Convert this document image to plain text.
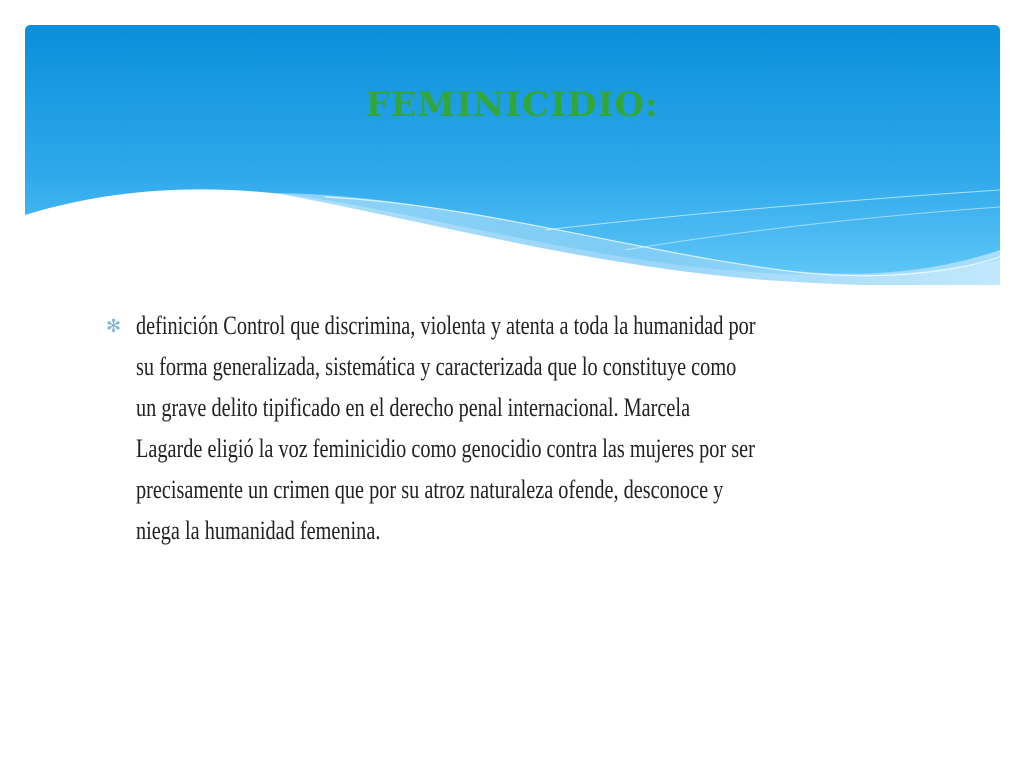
FEMINICIDIO:
✻ definición Control que discrimina, violenta y atenta a toda la humanidad por su forma generalizada, sistemática y caracterizada que lo constituye como un grave delito tipificado en el derecho penal internacional. Marcela Lagarde eligió la voz feminicidio como genocidio contra las mujeres por ser precisamente un crimen que por su atroz naturaleza ofende, desconoce y niega la humanidad femenina.
